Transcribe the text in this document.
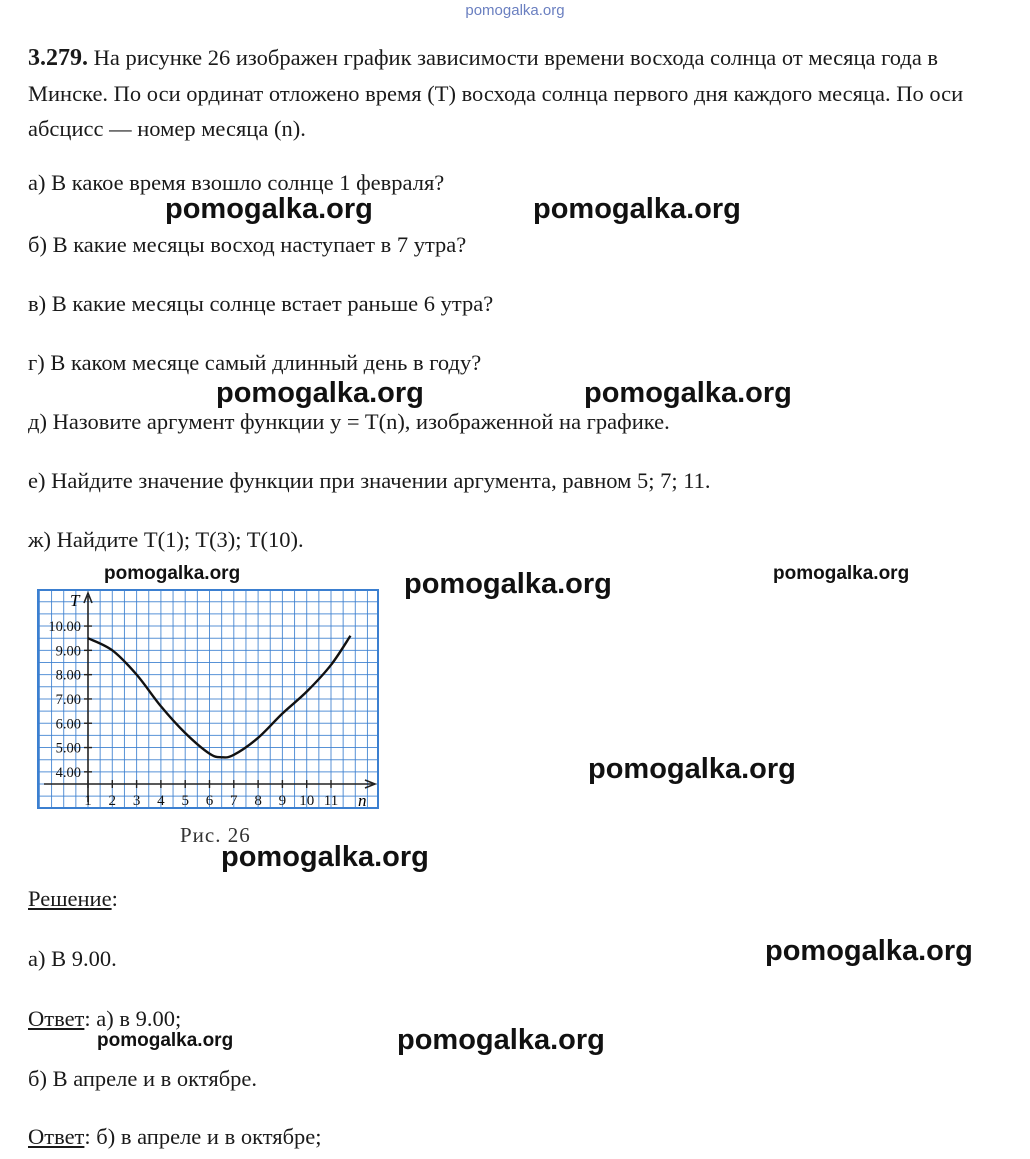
pomogalka.org
3.279. На рисунке 26 изображен график зависимости времени восхода солнца от месяца года в Минске. По оси ординат отложено время (T) восхода солнца первого дня каждого месяца. По оси абсцисс — номер месяца (n).
а) В какое время взошло солнце 1 февраля?
б) В какие месяцы восход наступает в 7 утра?
в) В какие месяцы солнце встает раньше 6 утра?
г) В каком месяце самый длинный день в году?
д) Назовите аргумент функции y = T(n), изображенной на графике.
е) Найдите значение функции при значении аргумента, равном 5; 7; 11.
ж) Найдите T(1); T(3); T(10).
pomogalka.org	pomogalka.org
pomogalka.org	pomogalka.org
pomogalka.org	pomogalka.org	pomogalka.org
pomogalka.org
pomogalka.org
pomogalka.org
pomogalka.org	pomogalka.org
4.00
5.00
6.00
7.00
8.00
9.00
10.00
1 2 3 4 5 6 7 8 9 10 11
T
n
Рис. 26
Решение:
а) В 9.00.
Ответ: а) в 9.00;
б) В апреле и в октябре.
Ответ: б) в апреле и в октябре;
